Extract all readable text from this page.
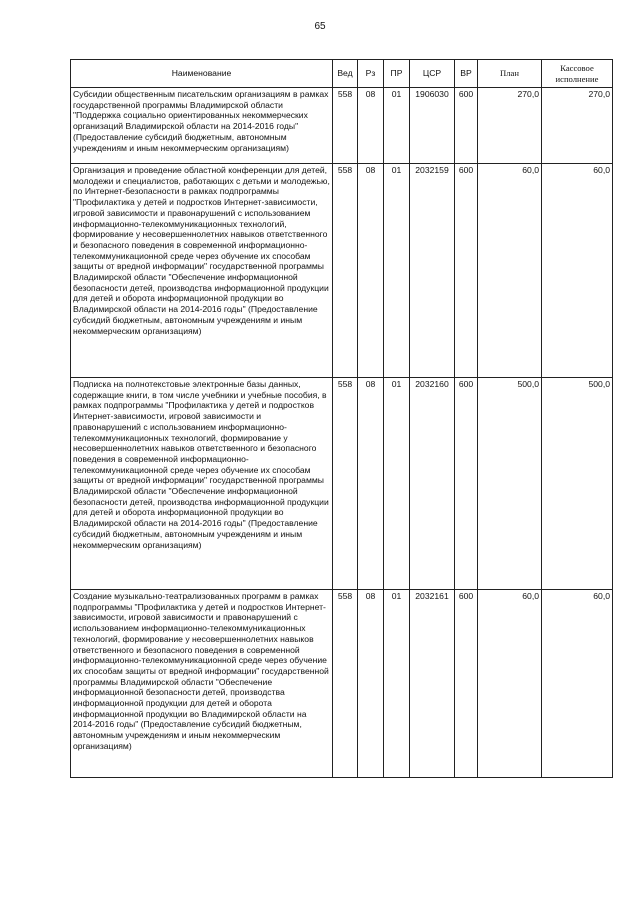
65
Наименование	Вед	Рз	ПР	ЦСР	ВР	План	Кассовое исполнение
Субсидии общественным писательским организациям в рамках государственной программы Владимирской области "Поддержка социально ориентированных некоммерческих организаций Владимирской области на 2014-2016 годы" (Предоставление субсидий бюджетным, автономным учреждениям и иным некоммерческим организациям)	558	08	01	1906030	600	270,0	270,0
Организация и проведение областной конференции для детей, молодежи и специалистов, работающих с детьми и молодежью, по Интернет-безопасности в рамках подпрограммы "Профилактика у детей и подростков Интернет-зависимости, игровой зависимости и правонарушений с использованием информационно-телекоммуникационных технологий, формирование у несовершеннолетних навыков ответственного и безопасного поведения в современной информационно-телекоммуникационной среде через обучение их способам защиты от вредной информации" государственной программы Владимирской области "Обеспечение информационной безопасности детей, производства информационной продукции для детей и оборота информационной продукции во Владимирской области на 2014-2016 годы" (Предоставление субсидий бюджетным, автономным учреждениям и иным некоммерческим организациям)	558	08	01	2032159	600	60,0	60,0
Подписка на полнотекстовые электронные базы данных, содержащие книги, в том числе учебники и учебные пособия, в рамках подпрограммы "Профилактика у детей и подростков Интернет-зависимости, игровой зависимости и правонарушений с использованием информационно-телекоммуникационных технологий, формирование у несовершеннолетних навыков ответственного и безопасного поведения в современной информационно-телекоммуникационной среде через обучение их способам защиты от вредной информации" государственной программы Владимирской области "Обеспечение информационной безопасности детей, производства информационной продукции для детей и оборота информационной продукции во Владимирской области на 2014-2016 годы" (Предоставление субсидий бюджетным, автономным учреждениям и иным некоммерческим организациям)	558	08	01	2032160	600	500,0	500,0
Создание музыкально-театрализованных программ в рамках подпрограммы "Профилактика у детей и подростков Интернет-зависимости, игровой зависимости и правонарушений с использованием информационно-телекоммуникационных технологий, формирование у несовершеннолетних навыков ответственного и безопасного поведения в современной информационно-телекоммуникационной среде через обучение их способам защиты от вредной информации" государственной программы Владимирской области "Обеспечение информационной безопасности детей, производства информационной продукции для детей и оборота информационной продукции во Владимирской области на 2014-2016 годы" (Предоставление субсидий бюджетным, автономным учреждениям и иным некоммерческим организациям)	558	08	01	2032161	600	60,0	60,0
